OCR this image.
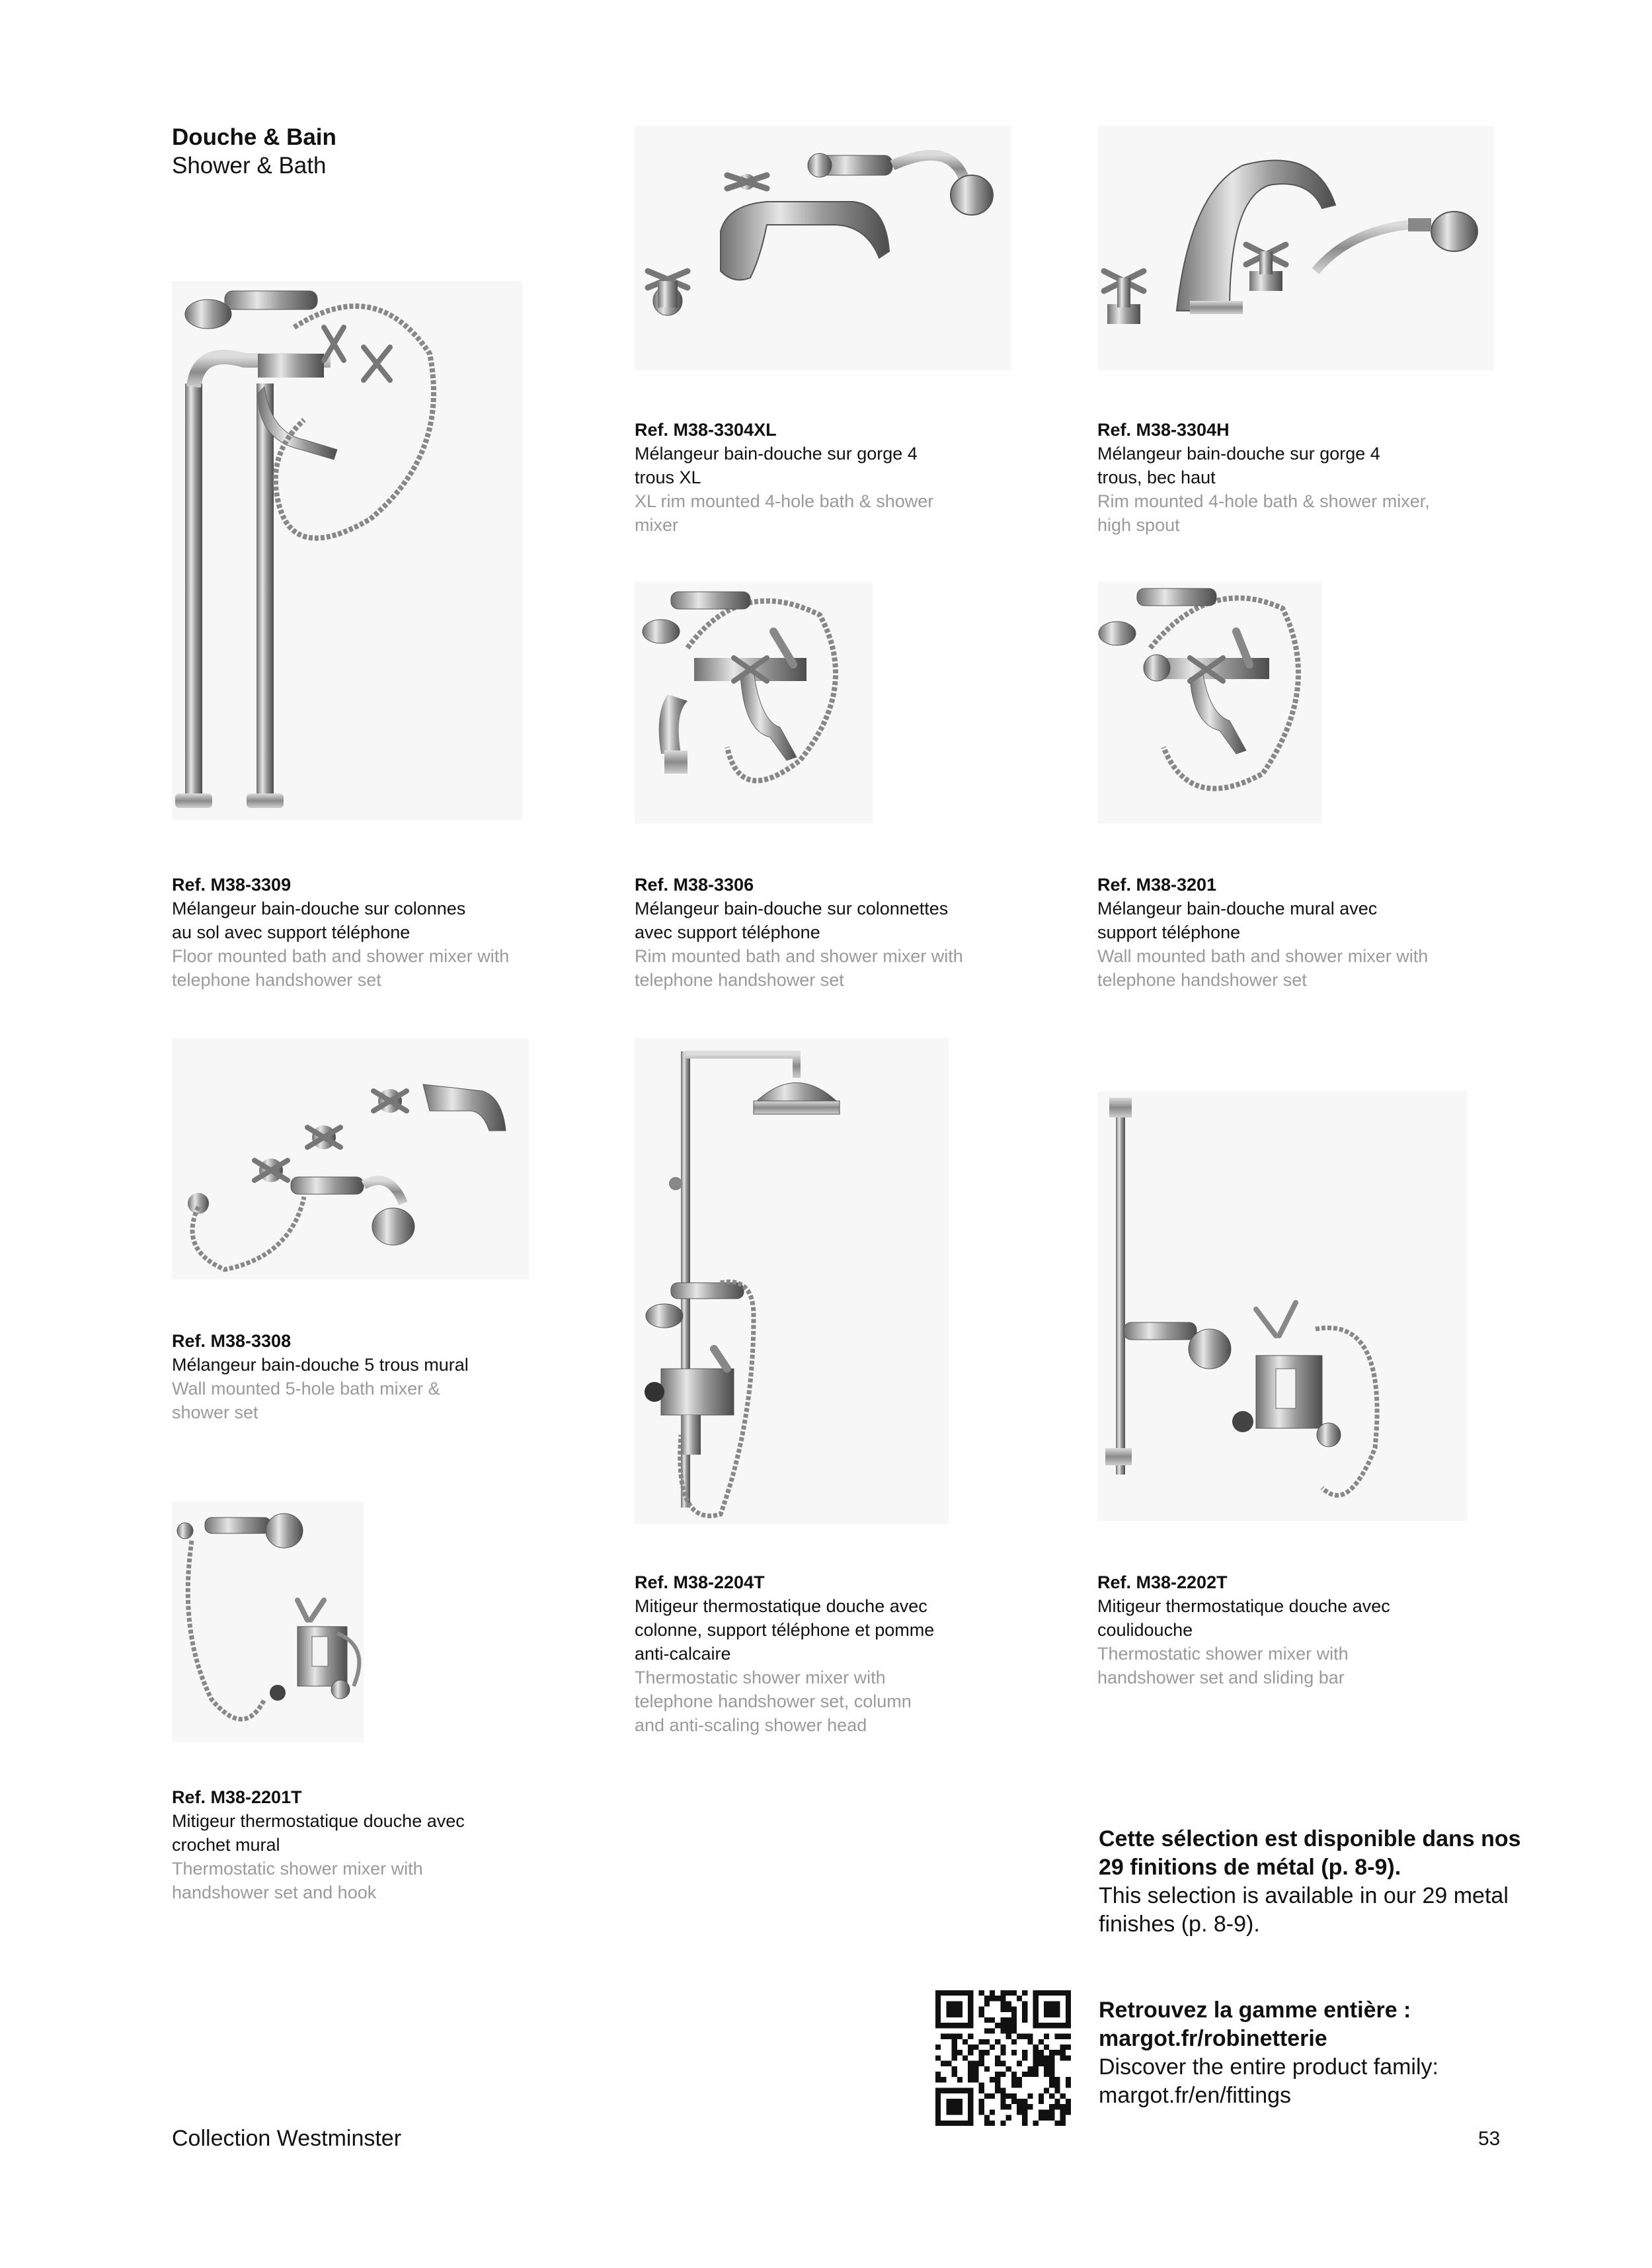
Douche & Bain
Shower & Bath
Ref. M38-3304XL
Mélangeur bain-douche sur gorge 4 trous XL
XL rim mounted 4-hole bath & shower mixer
Ref. M38-3304H
Mélangeur bain-douche sur gorge 4 trous, bec haut
Rim mounted 4-hole bath & shower mixer, high spout
Ref. M38-3309
Mélangeur bain-douche sur colonnes au sol avec support téléphone
Floor mounted bath and shower mixer with telephone handshower set
Ref. M38-3306
Mélangeur bain-douche sur colonnettes avec support téléphone
Rim mounted bath and shower mixer with telephone handshower set
Ref. M38-3201
Mélangeur bain-douche mural avec support téléphone
Wall mounted bath and shower mixer with telephone handshower set
Ref. M38-3308
Mélangeur bain-douche 5 trous mural
Wall mounted 5-hole bath mixer & shower set
Ref. M38-2204T
Mitigeur thermostatique douche avec colonne, support téléphone et pomme anti-calcaire
Thermostatic shower mixer with telephone handshower set, column and anti-scaling shower head
Ref. M38-2202T
Mitigeur thermostatique douche avec coulidouche
Thermostatic shower mixer with handshower set and sliding bar
Ref. M38-2201T
Mitigeur thermostatique douche avec crochet mural
Thermostatic shower mixer with handshower set and hook
Cette sélection est disponible dans nos 29 finitions de métal (p. 8-9).
This selection is available in our 29 metal finishes (p. 8-9).
Retrouvez la gamme entière : margot.fr/robinetterie
Discover the entire product family: margot.fr/en/fittings
Collection Westminster	53
